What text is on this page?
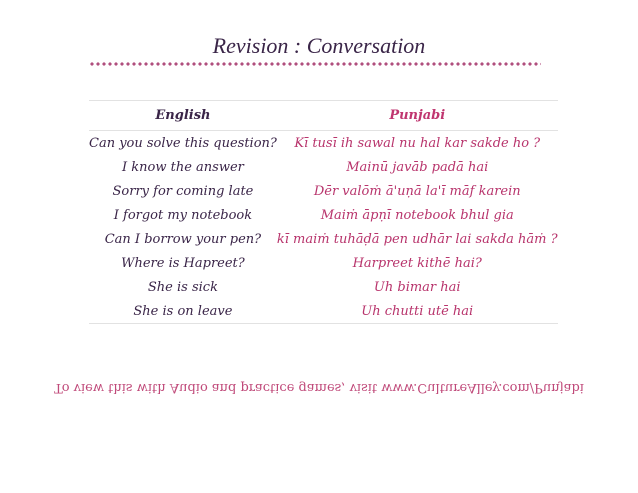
Revision : Conversation
English	Punjabi
Can you solve this question?	Kī tusī ih sawal nu hal kar sakde ho ?
I know the answer	Mainū javāb padā hai
Sorry for coming late	Dēr valōṁ ā'uṇā la'ī māf karein
I forgot my notebook	Maiṁ āpṇī notebook bhul gia
Can I borrow your pen?	kī maiṁ tuhāḍā pen udhār lai sakda hāṁ ?
Where is Hapreet?	Harpreet kithē hai?
She is sick	Uh bimar hai
She is on leave	Uh chutti utē hai
To view this with Audio and practice games, visit www.CultureAlley.com/Punjabi
